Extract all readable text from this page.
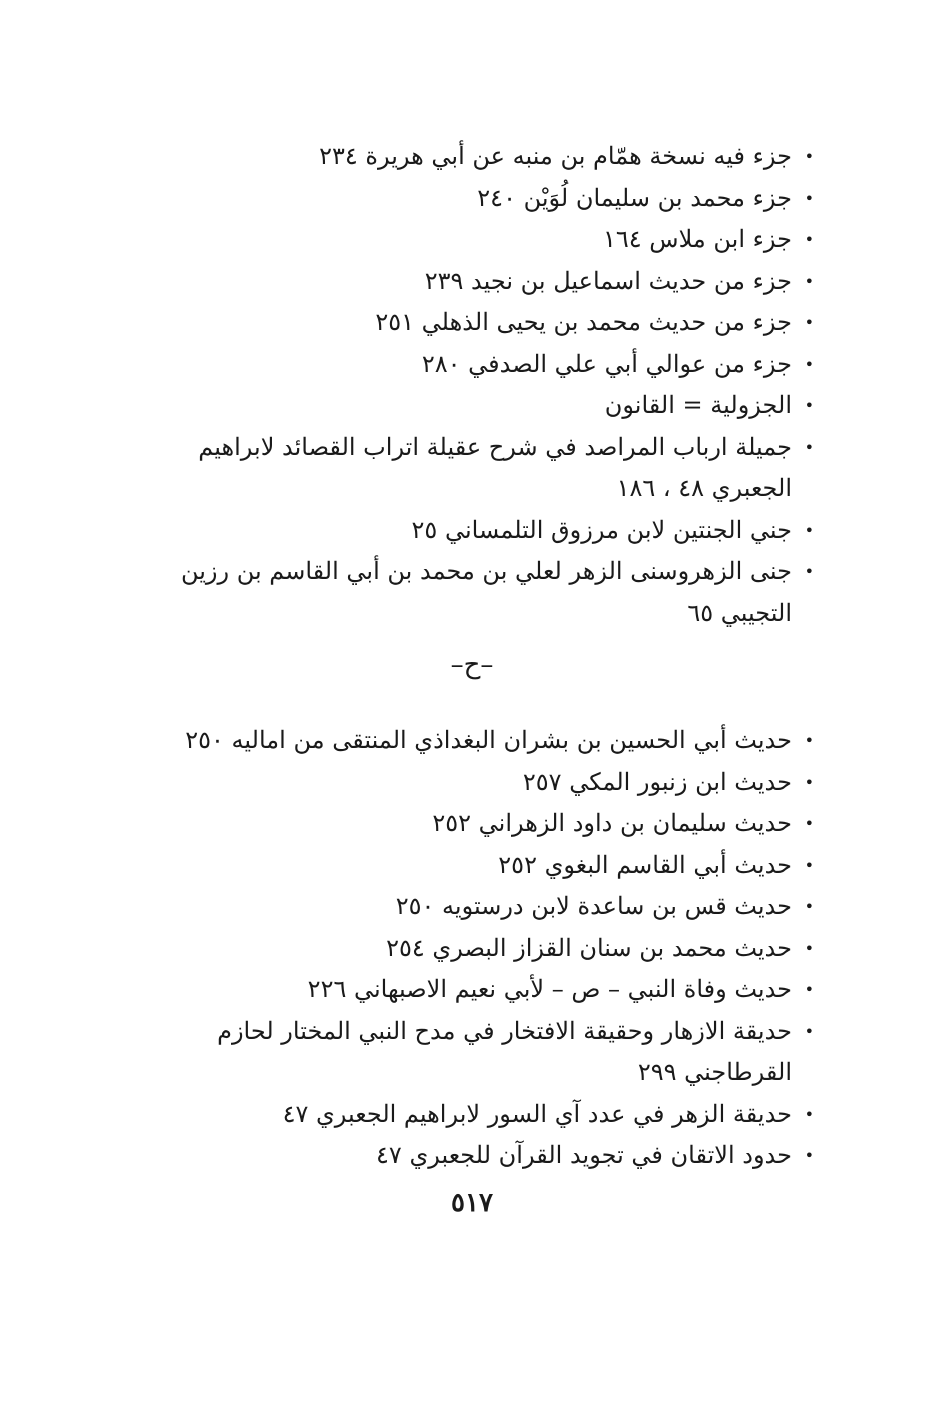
•
جزء فيه نسخة همّام بن منبه عن أبي هريرة ٢٣٤

•
جزء محمد بن سليمان لُوَيْن ٢٤٠

•
جزء ابن ملاس ١٦٤

•
جزء من حديث اسماعيل بن نجيد ٢٣٩

•
جزء من حديث محمد بن يحيى الذهلي ٢٥١

•
جزء من عوالي أبي علي الصدفي ٢٨٠

•
الجزولية = القانون

•
جميلة ارباب المراصد في شرح عقيلة اتراب القصائد لابراهيم الجعبري ٤٨ ، ١٨٦

•
جني الجنتين لابن مرزوق التلمساني ٢٥

•
جنى الزهروسنى الزهر لعلي بن محمد بن أبي القاسم بن رزين التجيبي ٦٥

–ح–

•
حديث أبي الحسين بن بشران البغداذي المنتقى من اماليه ٢٥٠

•
حديث ابن زنبور المكي ٢٥٧

•
حديث سليمان بن داود الزهراني ٢٥٢

•
حديث أبي القاسم البغوي ٢٥٢

•
حديث قس بن ساعدة لابن درستويه ٢٥٠

•
حديث محمد بن سنان القزاز البصري ٢٥٤

•
حديث وفاة النبي – ص – لأبي نعيم الاصبهاني ٢٢٦

•
حديقة الازهار وحقيقة الافتخار في مدح النبي المختار لحازم القرطاجني ٢٩٩

•
حديقة الزهر في عدد آي السور لابراهيم الجعبري ٤٧

•
حدود الاتقان في تجويد القرآن للجعبري ٤٧

٥١٧
